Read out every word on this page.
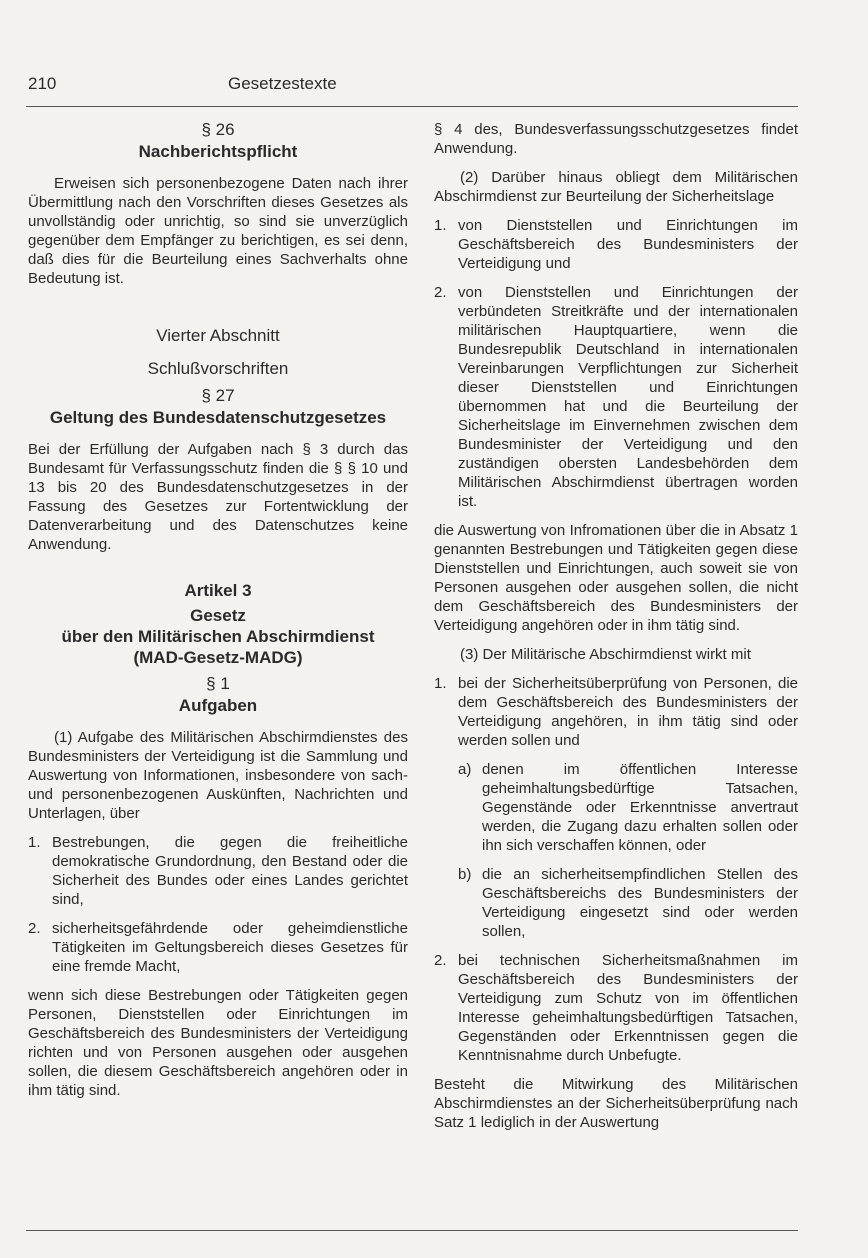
210	Gesetzestexte
§ 26
Nachberichtspflicht

Erweisen sich personenbezogene Daten nach ihrer Übermittlung nach den Vorschriften dieses Gesetzes als unvollständig oder unrichtig, so sind sie unverzüglich gegenüber dem Empfänger zu berichtigen, es sei denn, daß dies für die Beurteilung eines Sachverhalts ohne Bedeutung ist.

Vierter Abschnitt
Schlußvorschriften
§ 27
Geltung des Bundesdatenschutzgesetzes

Bei der Erfüllung der Aufgaben nach § 3 durch das Bundesamt für Verfassungsschutz finden die § § 10 und 13 bis 20 des Bundesdatenschutzgesetzes in der Fassung des Gesetzes zur Fortentwicklung der Datenverarbeitung und des Datenschutzes keine Anwendung.

Artikel 3
Gesetz
über den Militärischen Abschirmdienst
(MAD-Gesetz-MADG)
§ 1
Aufgaben

(1) Aufgabe des Militärischen Abschirmdienstes des Bundesministers der Verteidigung ist die Sammlung und Auswertung von Informationen, insbesondere von sach- und personenbezogenen Auskünften, Nachrichten und Unterlagen, über

1. Bestrebungen, die gegen die freiheitliche demokratische Grundordnung, den Bestand oder die Sicherheit des Bundes oder eines Landes gerichtet sind,
2. sicherheitsgefährdende oder geheimdienstliche Tätigkeiten im Geltungsbereich dieses Gesetzes für eine fremde Macht,

wenn sich diese Bestrebungen oder Tätigkeiten gegen Personen, Dienststellen oder Einrichtungen im Geschäftsbereich des Bundesministers der Verteidigung richten und von Personen ausgehen oder ausgehen sollen, die diesem Geschäftsbereich angehören oder in ihm tätig sind.

§ 4 des, Bundesverfassungsschutzgesetzes findet Anwendung.

(2) Darüber hinaus obliegt dem Militärischen Abschirmdienst zur Beurteilung der Sicherheitslage

1. von Dienststellen und Einrichtungen im Geschäftsbereich des Bundesministers der Verteidigung und
2. von Dienststellen und Einrichtungen der verbündeten Streitkräfte und der internationalen militärischen Hauptquartiere, wenn die Bundesrepublik Deutschland in internationalen Vereinbarungen Verpflichtungen zur Sicherheit dieser Dienststellen und Einrichtungen übernommen hat und die Beurteilung der Sicherheitslage im Einvernehmen zwischen dem Bundesminister der Verteidigung und den zuständigen obersten Landesbehörden dem Militärischen Abschirmdienst übertragen worden ist.

die Auswertung von Infromationen über die in Absatz 1 genannten Bestrebungen und Tätigkeiten gegen diese Dienststellen und Einrichtungen, auch soweit sie von Personen ausgehen oder ausgehen sollen, die nicht dem Geschäftsbereich des Bundesministers der Verteidigung angehören oder in ihm tätig sind.

(3) Der Militärische Abschirmdienst wirkt mit

1. bei der Sicherheitsüberprüfung von Personen, die dem Geschäftsbereich des Bundesministers der Verteidigung angehören, in ihm tätig sind oder werden sollen und
a) denen im öffentlichen Interesse geheimhaltungsbedürftige Tatsachen, Gegenstände oder Erkenntnisse anvertraut werden, die Zugang dazu erhalten sollen oder ihn sich verschaffen können, oder
b) die an sicherheitsempfindlichen Stellen des Geschäftsbereichs des Bundesministers der Verteidigung eingesetzt sind oder werden sollen,
2. bei technischen Sicherheitsmaßnahmen im Geschäftsbereich des Bundesministers der Verteidigung zum Schutz von im öffentlichen Interesse geheimhaltungsbedürftigen Tatsachen, Gegenständen oder Erkenntnissen gegen die Kenntnisnahme durch Unbefugte.

Besteht die Mitwirkung des Militärischen Abschirmdienstes an der Sicherheitsüberprüfung nach Satz 1 lediglich in der Auswertung
